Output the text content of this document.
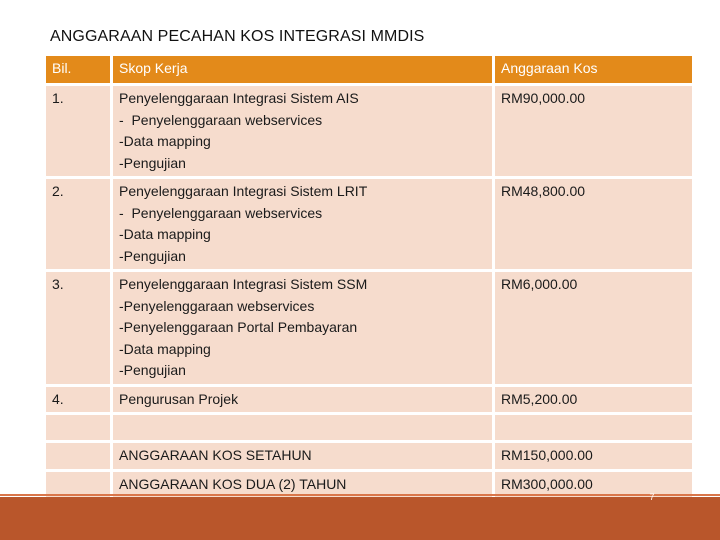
ANGGARAAN PECAHAN KOS INTEGRASI MMDIS
Bil.	Skop Kerja	Anggaraan Kos
1.	Penyelenggaraan Integrasi Sistem AIS
-  Penyelenggaraan webservices
-Data mapping
-Pengujian	RM90,000.00
2.	Penyelenggaraan Integrasi Sistem LRIT
-  Penyelenggaraan webservices
-Data mapping
-Pengujian	RM48,800.00
3.	Penyelenggaraan Integrasi Sistem SSM
-Penyelenggaraan webservices
-Penyelenggaraan Portal Pembayaran
-Data mapping
-Pengujian	RM6,000.00
4.	Pengurusan Projek	RM5,200.00

	ANGGARAAN KOS SETAHUN	RM150,000.00
	ANGGARAAN KOS DUA (2) TAHUN	RM300,000.00
7
